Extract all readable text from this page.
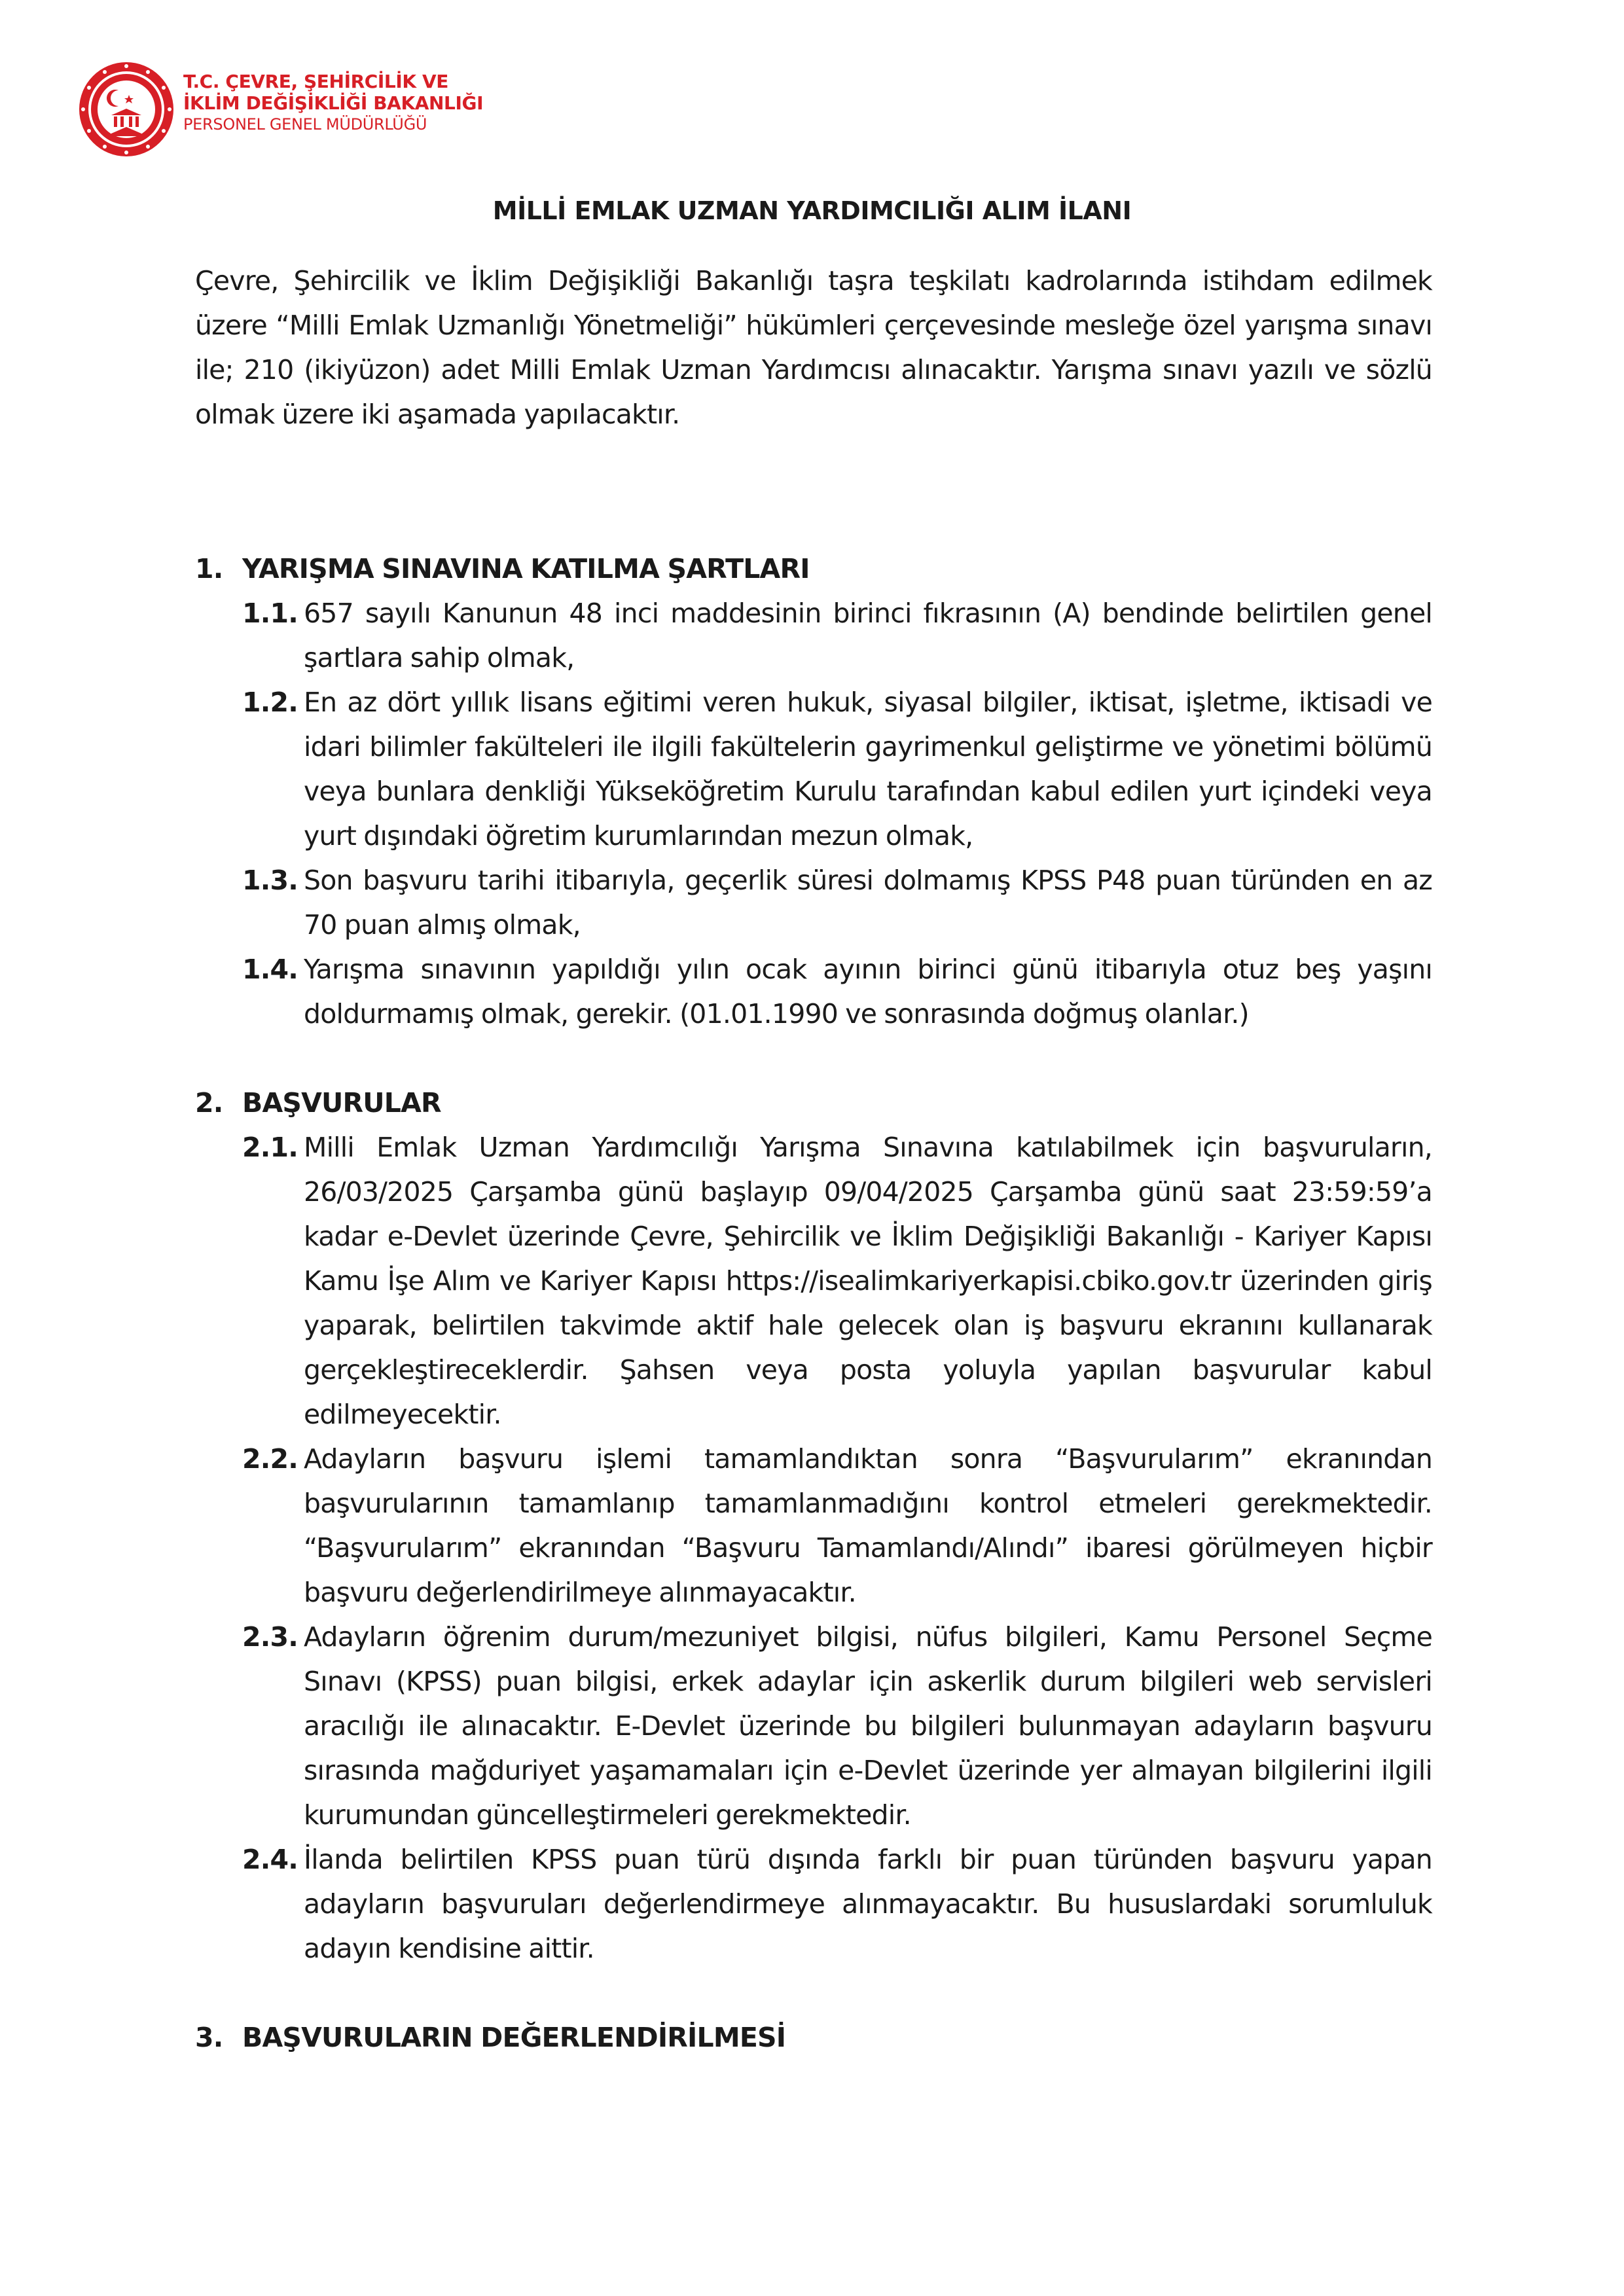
T.C. ÇEVRE, ŞEHİRCİLİK VE
İKLİM DEĞİŞİKLİĞİ BAKANLIĞI
PERSONEL GENEL MÜDÜRLÜĞÜ
MİLLİ EMLAK UZMAN YARDIMCILIĞI ALIM İLANI

Çevre, Şehircilik ve İklim Değişikliği Bakanlığı taşra teşkilatı kadrolarında istihdam edilmek üzere “Milli Emlak Uzmanlığı Yönetmeliği” hükümleri çerçevesinde mesleğe özel yarışma sınavı ile; 210 (ikiyüzon) adet Milli Emlak Uzman Yardımcısı alınacaktır. Yarışma sınavı yazılı ve sözlü olmak üzere iki aşamada yapılacaktır.

1. YARIŞMA SINAVINA KATILMA ŞARTLARI

1.1. 657 sayılı Kanunun 48 inci maddesinin birinci fıkrasının (A) bendinde belirtilen genel şartlara sahip olmak,

1.2. En az dört yıllık lisans eğitimi veren hukuk, siyasal bilgiler, iktisat, işletme, iktisadi ve idari bilimler fakülteleri ile ilgili fakültelerin gayrimenkul geliştirme ve yönetimi bölümü veya bunlara denkliği Yükseköğretim Kurulu tarafından kabul edilen yurt içindeki veya yurt dışındaki öğretim kurumlarından mezun olmak,

1.3. Son başvuru tarihi itibarıyla, geçerlik süresi dolmamış KPSS P48 puan türünden en az 70 puan almış olmak,

1.4. Yarışma sınavının yapıldığı yılın ocak ayının birinci günü itibarıyla otuz beş yaşını doldurmamış olmak, gerekir. (01.01.1990 ve sonrasında doğmuş olanlar.)

2. BAŞVURULAR

2.1. Milli Emlak Uzman Yardımcılığı Yarışma Sınavına katılabilmek için başvuruların, 26/03/2025 Çarşamba günü başlayıp 09/04/2025 Çarşamba günü saat 23:59:59’a kadar e-Devlet üzerinde Çevre, Şehircilik ve İklim Değişikliği Bakanlığı - Kariyer Kapısı Kamu İşe Alım ve Kariyer Kapısı https://isealimkariyerkapisi.cbiko.gov.tr üzerinden giriş yaparak, belirtilen takvimde aktif hale gelecek olan iş başvuru ekranını kullanarak gerçekleştireceklerdir. Şahsen veya posta yoluyla yapılan başvurular kabul edilmeyecektir.

2.2. Adayların başvuru işlemi tamamlandıktan sonra “Başvurularım” ekranından başvurularının tamamlanıp tamamlanmadığını kontrol etmeleri gerekmektedir. “Başvurularım” ekranından “Başvuru Tamamlandı/Alındı” ibaresi görülmeyen hiçbir başvuru değerlendirilmeye alınmayacaktır.

2.3. Adayların öğrenim durum/mezuniyet bilgisi, nüfus bilgileri, Kamu Personel Seçme Sınavı (KPSS) puan bilgisi, erkek adaylar için askerlik durum bilgileri web servisleri aracılığı ile alınacaktır. E-Devlet üzerinde bu bilgileri bulunmayan adayların başvuru sırasında mağduriyet yaşamamaları için e-Devlet üzerinde yer almayan bilgilerini ilgili kurumundan güncelleştirmeleri gerekmektedir.

2.4. İlanda belirtilen KPSS puan türü dışında farklı bir puan türünden başvuru yapan adayların başvuruları değerlendirmeye alınmayacaktır. Bu hususlardaki sorumluluk adayın kendisine aittir.

3. BAŞVURULARIN DEĞERLENDİRİLMESİ
